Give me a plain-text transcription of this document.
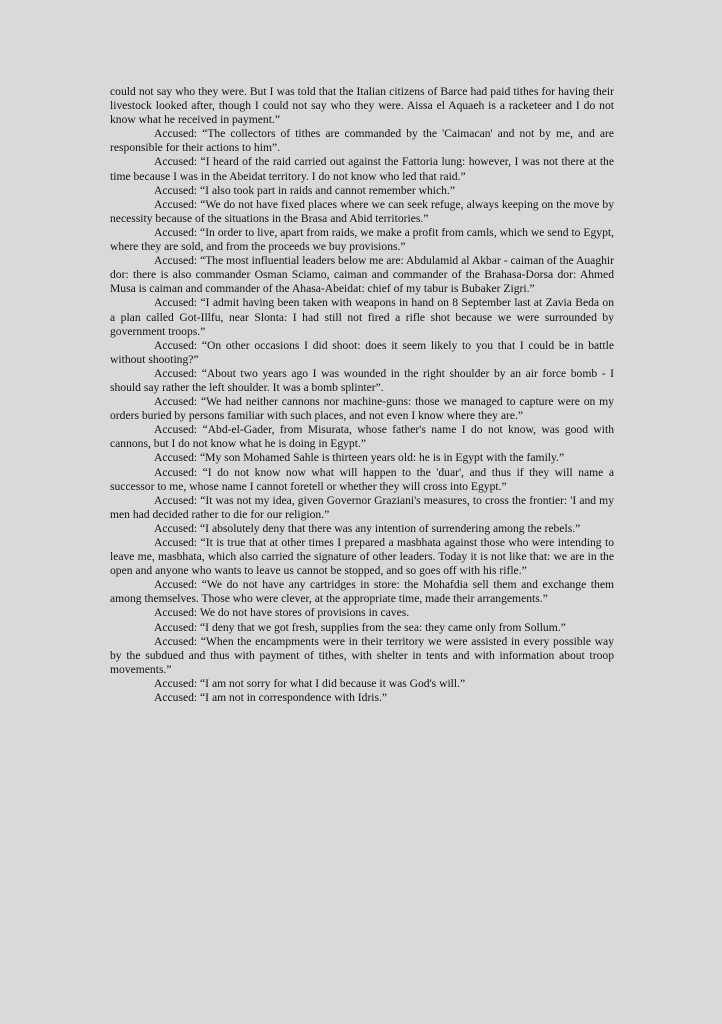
could not say who they were. But I was told that the Italian citizens of Barce had paid tithes for having their livestock looked after, though I could not say who they were. Aissa el Aquaeh is a racketeer and I do not know what he received in payment.”

Accused: “The collectors of tithes are commanded by the 'Caimacan' and not by me, and are responsible for their actions to him”.

Accused: “I heard of the raid carried out against the Fattoria lung: however, I was not there at the time because I was in the Abeidat territory. I do not know who led that raid.”

Accused: “I also took part in raids and cannot remember which.”

Accused: “We do not have fixed places where we can seek refuge, always keeping on the move by necessity because of the situations in the Brasa and Abid territories.”

Accused: “In order to live, apart from raids, we make a profit from camls, which we send to Egypt, where they are sold, and from the proceeds we buy provisions.”

Accused: “The most influential leaders below me are: Abdulamid al Akbar - caiman of the Auaghir dor: there is also commander Osman Sciamo, caiman and commander of the Brahasa-Dorsa dor: Ahmed Musa is caiman and commander of the Ahasa-Abeidat: chief of my tabur is Bubaker Zigri.”

Accused: “I admit having been taken with weapons in hand on 8 September last at Zavia Beda on a plan called Got-Illfu, near Slonta: I had still not fired a rifle shot because we were surrounded by government troops.”

Accused: “On other occasions I did shoot: does it seem likely to you that I could be in battle without shooting?”

Accused: “About two years ago I was wounded in the right shoulder by an air force bomb - I should say rather the left shoulder. It was a bomb splinter”.

Accused: “We had neither cannons nor machine-guns: those we managed to capture were on my orders buried by persons familiar with such places, and not even I know where they are.”

Accused: “Abd-el-Gader, from Misurata, whose father's name I do not know, was good with cannons, but I do not know what he is doing in Egypt.”

Accused: “My son Mohamed Sahle is thirteen years old: he is in Egypt with the family.”

Accused: “I do not know now what will happen to the 'duar', and thus if they will name a successor to me, whose name I cannot foretell or whether they will cross into Egypt.”

Accused: “It was not my idea, given Governor Graziani's measures, to cross the frontier: 'I and my men had decided rather to die for our religion.”

Accused: “I absolutely deny that there was any intention of surrendering among the rebels.”

Accused: “It is true that at other times I prepared a masbhata against those who were intending to leave me, masbhata, which also carried the signature of other leaders. Today it is not like that: we are in the open and anyone who wants to leave us cannot be stopped, and so goes off with his rifle.”

Accused: “We do not have any cartridges in store: the Mohafdia sell them and exchange them among themselves. Those who were clever, at the appropriate time, made their arrangements.”

Accused: We do not have stores of provisions in caves.

Accused: “I deny that we got fresh, supplies from the sea: they came only from Sollum.”

Accused: “When the encampments were in their territory we were assisted in every possible way by the subdued and thus with payment of tithes, with shelter in tents and with information about troop movements.”

Accused: “I am not sorry for what I did because it was God's will.”

Accused: “I am not in correspondence with Idris.”
